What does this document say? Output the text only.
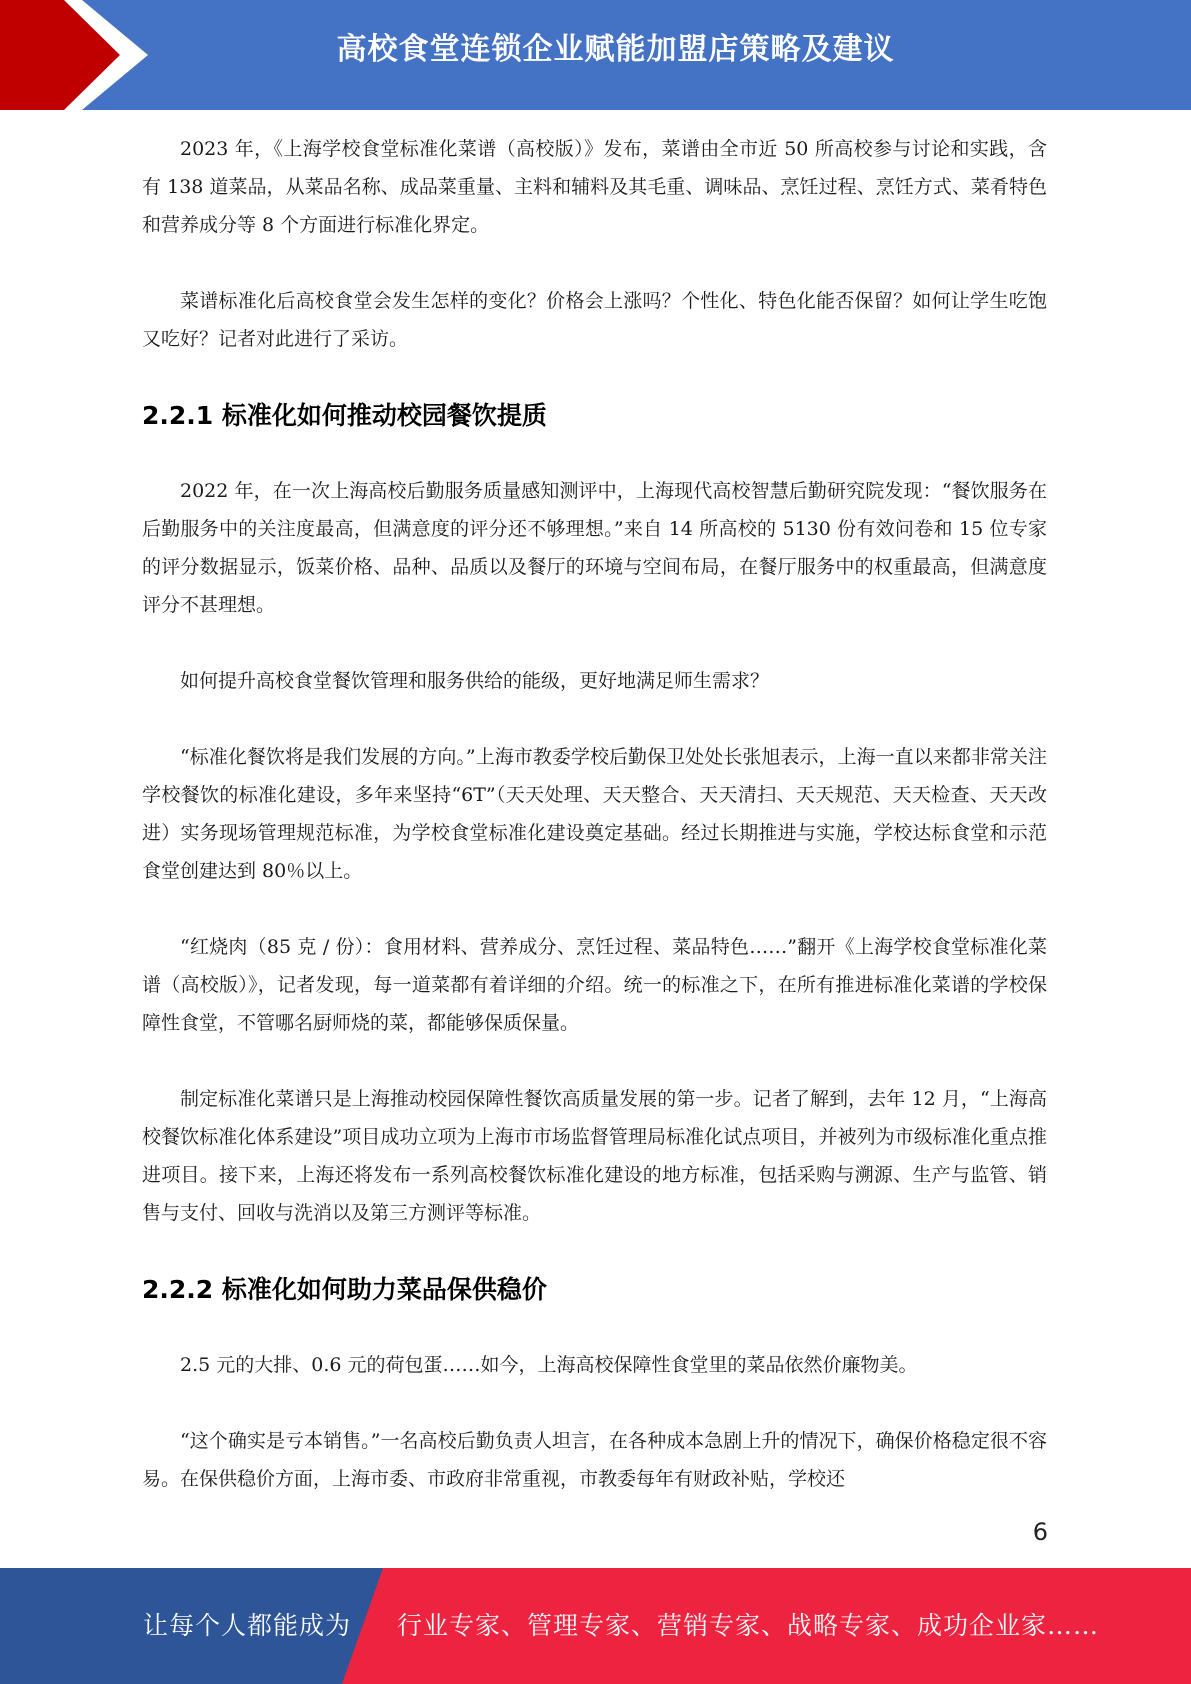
高校食堂连锁企业赋能加盟店策略及建议

2023 年，《上海学校食堂标准化菜谱（高校版）》发布，菜谱由全市近 50 所高校参与讨论和实践，含有 138 道菜品，从菜品名称、成品菜重量、主料和辅料及其毛重、调味品、烹饪过程、烹饪方式、菜肴特色和营养成分等 8 个方面进行标准化界定。

菜谱标准化后高校食堂会发生怎样的变化？价格会上涨吗？个性化、特色化能否保留？如何让学生吃饱又吃好？记者对此进行了采访。

2.2.1 标准化如何推动校园餐饮提质

2022 年，在一次上海高校后勤服务质量感知测评中，上海现代高校智慧后勤研究院发现：“餐饮服务在后勤服务中的关注度最高，但满意度的评分还不够理想。”来自 14 所高校的 5130 份有效问卷和 15 位专家的评分数据显示，饭菜价格、品种、品质以及餐厅的环境与空间布局，在餐厅服务中的权重最高，但满意度评分不甚理想。

如何提升高校食堂餐饮管理和服务供给的能级，更好地满足师生需求？

“标准化餐饮将是我们发展的方向。”上海市教委学校后勤保卫处处长张旭表示，上海一直以来都非常关注学校餐饮的标准化建设，多年来坚持“6T”（天天处理、天天整合、天天清扫、天天规范、天天检查、天天改进）实务现场管理规范标准，为学校食堂标准化建设奠定基础。经过长期推进与实施，学校达标食堂和示范食堂创建达到 80％以上。

“红烧肉（85 克 / 份）：食用材料、营养成分、烹饪过程、菜品特色……”翻开《上海学校食堂标准化菜谱（高校版）》，记者发现，每一道菜都有着详细的介绍。统一的标准之下，在所有推进标准化菜谱的学校保障性食堂，不管哪名厨师烧的菜，都能够保质保量。

制定标准化菜谱只是上海推动校园保障性餐饮高质量发展的第一步。记者了解到，去年 12 月，“上海高校餐饮标准化体系建设”项目成功立项为上海市市场监督管理局标准化试点项目，并被列为市级标准化重点推进项目。接下来，上海还将发布一系列高校餐饮标准化建设的地方标准，包括采购与溯源、生产与监管、销售与支付、回收与洗消以及第三方测评等标准。

2.2.2 标准化如何助力菜品保供稳价

2.5 元的大排、0.6 元的荷包蛋……如今，上海高校保障性食堂里的菜品依然价廉物美。

“这个确实是亏本销售。”一名高校后勤负责人坦言，在各种成本急剧上升的情况下，确保价格稳定很不容易。在保供稳价方面，上海市委、市政府非常重视，市教委每年有财政补贴，学校还

6
让每个人都能成为 行业专家、管理专家、营销专家、战略专家、成功企业家……
